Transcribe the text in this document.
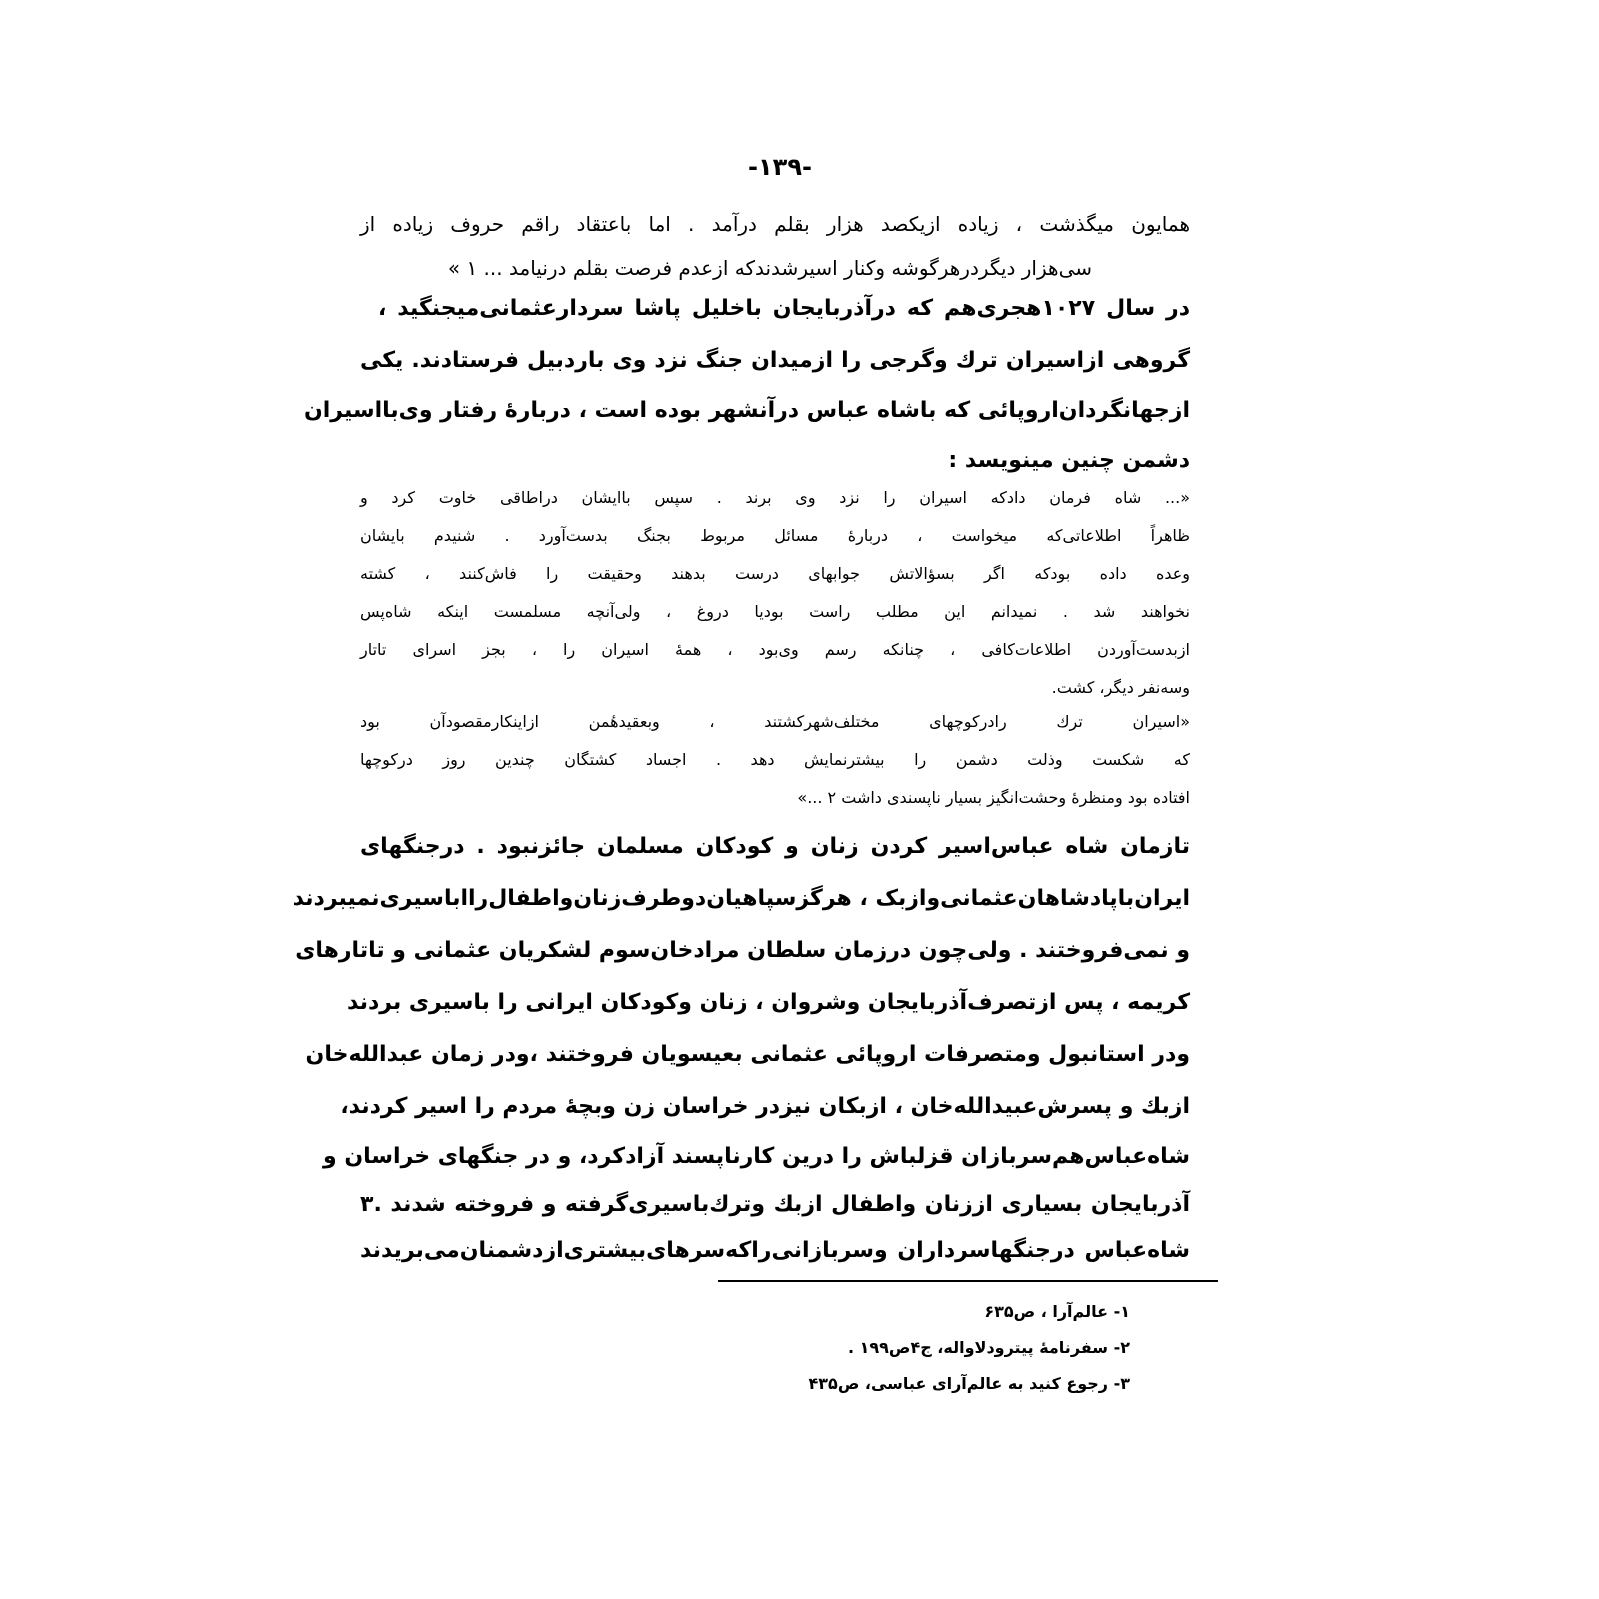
-۱۳۹-
همایون میگذشت ، زیاده ازیکصد هزار بقلم درآمد . اما باعتقاد راقم حروف زیاده از
سی‌هزار دیگردرهرگوشه وکنار اسیرشدندکه ازعدم فرصت بقلم درنیامد ... ۱ »
در سال ۱۰۲۷هجری‌هم که درآذربایجان باخلیل پاشا سردارعثمانی‌میجنگید ،
گروهی ازاسیران ترك وگرجی را ازمیدان جنگ نزد وی باردبیل فرستادند. یکی
ازجهانگردان‌اروپائی که باشاه عباس درآنشهر بوده است ، دربارهٔ رفتار وی‌بااسیران
دشمن چنین مینویسد :
«... شاه فرمان دادکه اسیران را نزد وی برند . سپس باایشان دراطاقی خاوت کرد و
ظاهراً اطلاعاتی‌که میخواست ، دربارهٔ مسائل مربوط بجنگ بدست‌آورد . شنیدم بایشان
وعده داده بودکه اگر بسؤالاتش جوابهای درست بدهند وحقیقت را فاش‌کنند ، کشته
نخواهند شد . نمیدانم این مطلب راست بودیا دروغ ، ولی‌آنچه مسلمست اینکه شاه‌پس
ازبدست‌آوردن اطلاعات‌کافی ، چنانکه رسم وی‌بود ، همهٔ اسیران را ، بجز اسرای تاتار
وسه‌نفر دیگر، کشت.
«اسیران ترك رادرکوچهای مختلف‌شهرکشتند ، وبعقیدهٔمن ازاینکارمقصودآن بود
که شکست وذلت دشمن را بیشترنمایش دهد . اجساد کشتگان چندین روز درکوچها
افتاده بود ومنظرهٔ وحشت‌انگیز بسیار ناپسندی داشت ۲ ...»
تازمان شاه عباس‌اسیر کردن زنان و کودکان مسلمان جائزنبود . درجنگهای
ایران‌باپادشاهان‌عثمانی‌وازبک ، هرگزسپاهیان‌دوطرف‌زنان‌واطفال‌رااباسیری‌نمیبردند
و نمی‌فروختند . ولی‌چون درزمان سلطان مرادخان‌سوم لشکریان عثمانی و تاتارهای
کریمه ، پس ازتصرف‌آذربایجان وشروان ، زنان وکودکان ایرانی را باسیری بردند
ودر استانبول ومتصرفات اروپائی عثمانی بعیسویان فروختند ،ودر زمان عبدالله‌خان
ازبك و پسرش‌عبیدالله‌خان ، ازبکان نیزدر خراسان زن وبچهٔ مردم را اسیر کردند،
شاه‌عباس‌هم‌سربازان قزلباش را درین کارناپسند آزادکرد، و در جنگهای خراسان و
آذربایجان بسیاری اززنان واطفال ازبك وترك‌باسیری‌گرفته و فروخته شدند .۳
شاه‌عباس درجنگهاسرداران وسربازانی‌راکه‌سرهای‌بیشتری‌ازدشمنان‌می‌بریدند
۱- عالم‌آرا ، ص۶۳۵
۲- سفرنامهٔ پیترودلاواله، ج۴ص۱۹۹ .
۳- رجوع کنید به عالم‌آرای عباسی، ص۴۳۵
